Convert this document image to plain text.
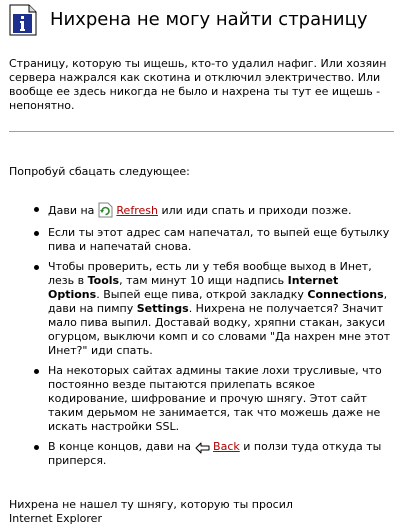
Нихрена не могу найти страницу
Страницу, которую ты ищешь, кто-то удалил нафиг. Или хозяин сервера нажрался как скотина и отключил электричество. Или вообще ее здесь никогда не было и нахрена ты тут ее ищешь - непонятно.
Попробуй сбацать следующее:
Дави на  Refresh или иди спать и приходи позже.
Если ты этот адрес сам напечатал, то выпей еще бутылку пива и напечатай снова.
Чтобы проверить, есть ли у тебя вообще выход в Инет, лезь в Tools, там минут 10 ищи надпись Internet Options. Выпей еще пива, открой закладку Connections, дави на пимпу Settings. Нихрена не получается? Значит мало пива выпил. Доставай водку, хряпни стакан, закуси огурцом, выключи комп и со словами "Да нахрен мне этот Инет?" иди спать.
На некоторых сайтах админы такие лохи трусливые, что постоянно везде пытаются прилепать всякое кодирование, шифрование и прочую шнягу. Этот сайт таким дерьмом не занимается, так что можешь даже не искать настройки SSL.
В конце концов, дави на  Back и ползи туда откуда ты приперся.
Нихрена не нашел ту шнягу, которую ты просил
Internet Explorer
